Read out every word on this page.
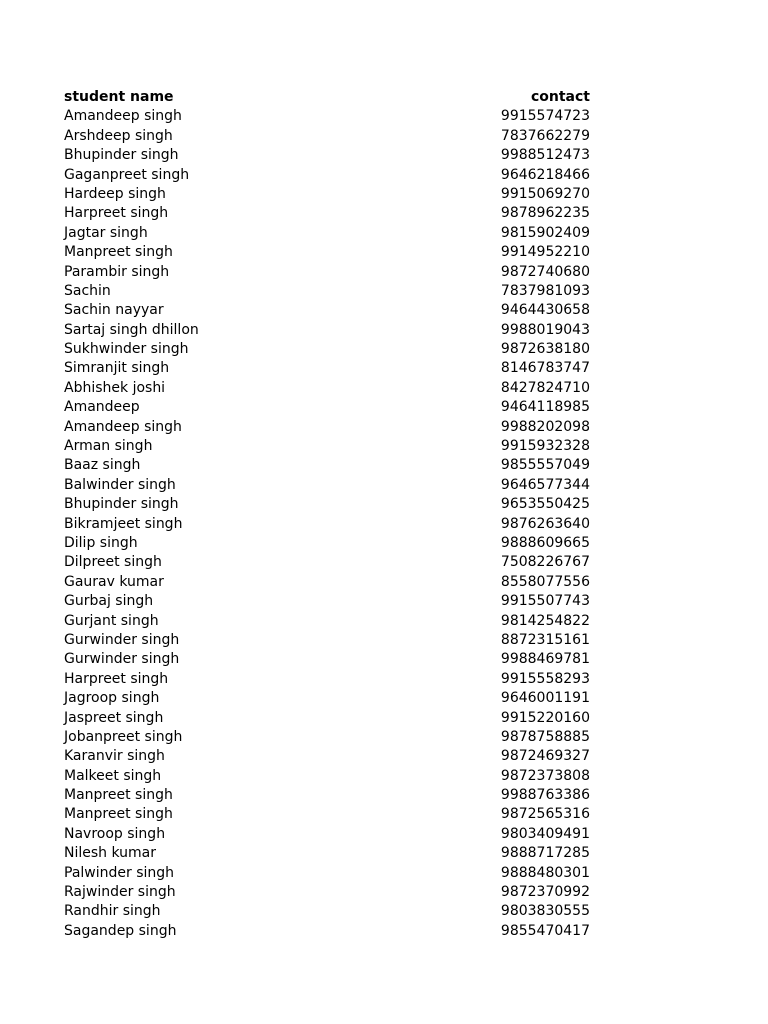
student name	contact
Amandeep singh	9915574723
Arshdeep singh	7837662279
Bhupinder singh	9988512473
Gaganpreet singh	9646218466
Hardeep singh	9915069270
Harpreet singh	9878962235
Jagtar singh	9815902409
Manpreet singh	9914952210
Parambir singh	9872740680
Sachin	7837981093
Sachin nayyar	9464430658
Sartaj singh dhillon	9988019043
Sukhwinder singh	9872638180
Simranjit singh	8146783747
Abhishek joshi	8427824710
Amandeep	9464118985
Amandeep singh	9988202098
Arman singh	9915932328
Baaz singh	9855557049
Balwinder singh	9646577344
Bhupinder singh	9653550425
Bikramjeet singh	9876263640
Dilip singh	9888609665
Dilpreet singh	7508226767
Gaurav kumar	8558077556
Gurbaj singh	9915507743
Gurjant singh	9814254822
Gurwinder singh	8872315161
Gurwinder singh	9988469781
Harpreet singh	9915558293
Jagroop singh	9646001191
Jaspreet singh	9915220160
Jobanpreet singh	9878758885
Karanvir singh	9872469327
Malkeet singh	9872373808
Manpreet singh	9988763386
Manpreet singh	9872565316
Navroop singh	9803409491
Nilesh kumar	9888717285
Palwinder singh	9888480301
Rajwinder singh	9872370992
Randhir singh	9803830555
Sagandep singh	9855470417
